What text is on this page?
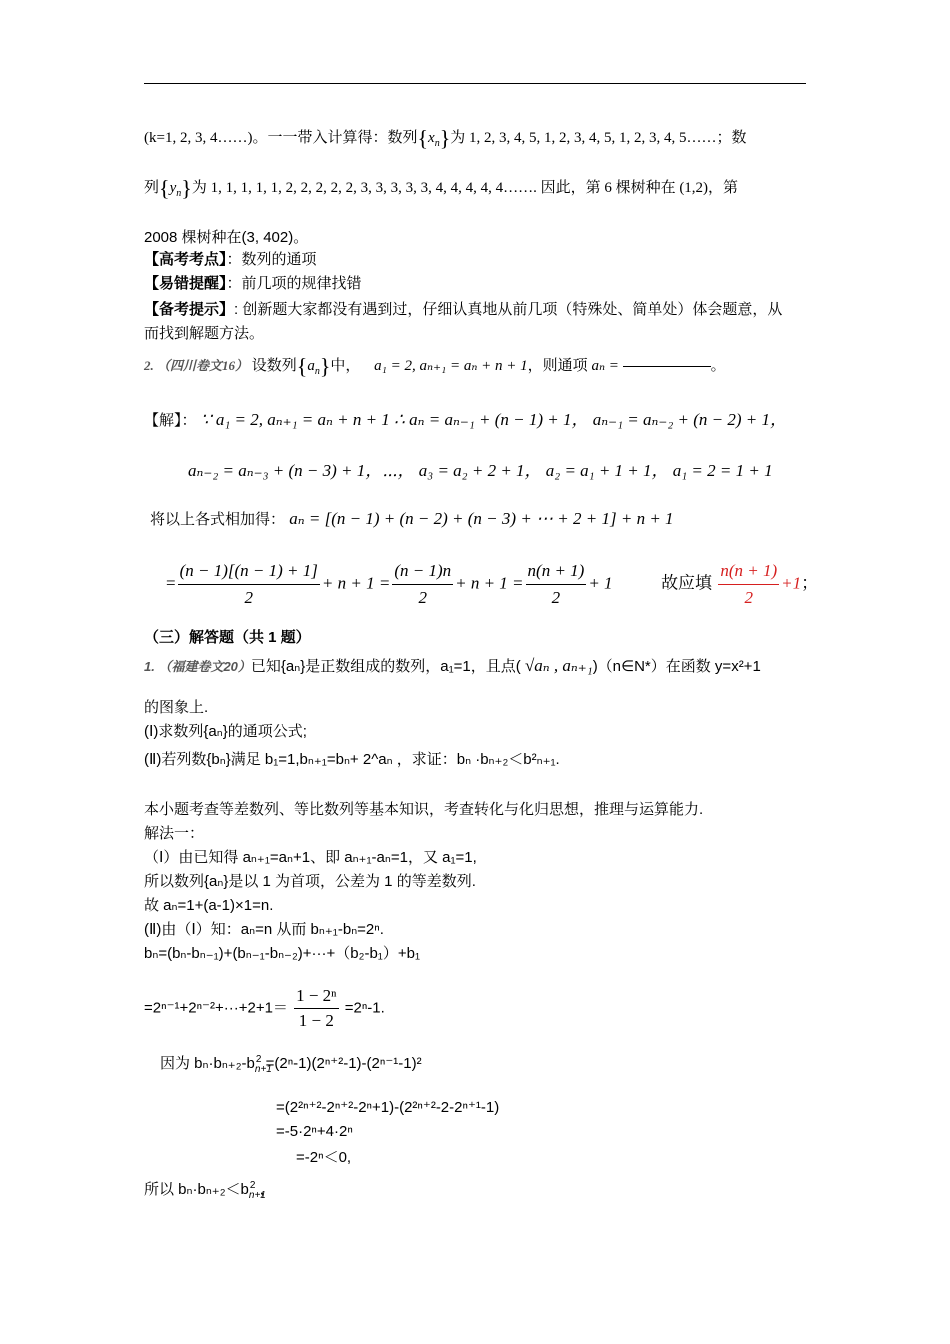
(k=1, 2, 3, 4……)。一一带入计算得：数列$\{x_n\}$为 1, 2, 3, 4, 5, 1, 2, 3, 4, 5, 1, 2, 3, 4, 5……；数
列$\{y_n\}$为 1, 1, 1, 1, 1, 2, 2, 2, 2, 2, 3, 3, 3, 3, 3, 4, 4, 4, 4, 4……. 因此，第 6 棵树种在 (1,2)，第
2008 棵树种在(3, 402)。
【高考考点】：数列的通项
【易错提醒】：前几项的规律找错
【备考提示】: 创新题大家都没有遇到过，仔细认真地从前几项（特殊处、简单处）体会题意，从
而找到解题方法。
2. （四川卷文16） 设数列$\{a_n\}$中， a₁ = 2, aₙ₊₁ = aₙ + n + 1，则通项 aₙ =	。
【解】： ∵ a₁ = 2, aₙ₊₁ = aₙ + n + 1 ∴ aₙ = aₙ₋₁ + (n − 1) + 1， aₙ₋₁ = aₙ₋₂ + (n − 2) + 1，
aₙ₋₂ = aₙ₋₃ + (n − 3) + 1，⋯， a₃ = a₂ + 2 + 1， a₂ = a₁ + 1 + 1， a₁ = 2 = 1 + 1
将以上各式相加得： aₙ = [(n − 1) + (n − 2) + (n − 3) + ⋯ + 2 + 1] + n + 1
= $\frac{(n - 1)[(n - 1) + 1]}{2} + n + 1 = \frac{(n - 1)n}{2} + n + 1 = \frac{n(n + 1)}{2} + 1$	故应填 $\frac{n(n + 1)}{2} +1$；
（三）解答题（共 1 题）
1. （福建卷文20）已知{aₙ}是正数组成的数列，a₁=1，且点( √aₙ , aₙ₊₁)（n∈N*）在函数 y=x²+1
的图象上.
(Ⅰ)求数列{aₙ}的通项公式;
(Ⅱ)若列数{bₙ}满足 b₁=1,bₙ₊₁=bₙ+ 2^aₙ ，求证：bₙ ·bₙ₊₂＜b²ₙ₊₁.
本小题考查等差数列、等比数列等基本知识，考查转化与化归思想，推理与运算能力.
解法一：
（Ⅰ）由已知得 aₙ₊₁=aₙ+1、即 aₙ₊₁-aₙ=1，又 a₁=1,
所以数列{aₙ}是以 1 为首项，公差为 1 的等差数列.
故 aₙ=1+(a-1)×1=n.
(Ⅱ)由（Ⅰ）知：aₙ=n 从而 bₙ₊₁-bₙ=2ⁿ.
bₙ=(bₙ-bₙ₋₁)+(bₙ₋₁-bₙ₋₂)+···+（b₂-b₁）+b₁
$=2^{n-1}+2^{n-2}+\cdot\cdot\cdot+2+1= \frac{\text{1 − 2ⁿ}}{1 - 2} =2^n-1$.
因为 $b_n\cdot b_{n+2}-b_{n+1}^2 =(2^n-1)(2^{n+2}-1)-(2^{n-1}-1)^2$
=(2²ⁿ⁺²-2ⁿ⁺²-2ⁿ+1)-(2²ⁿ⁺²-2-2ⁿ⁺¹-1)
=-5·2ⁿ+4·2ⁿ
=-2ⁿ＜0,
所以 $b_n\cdot b_{n+2}<b_{n+1}^2$ ，
